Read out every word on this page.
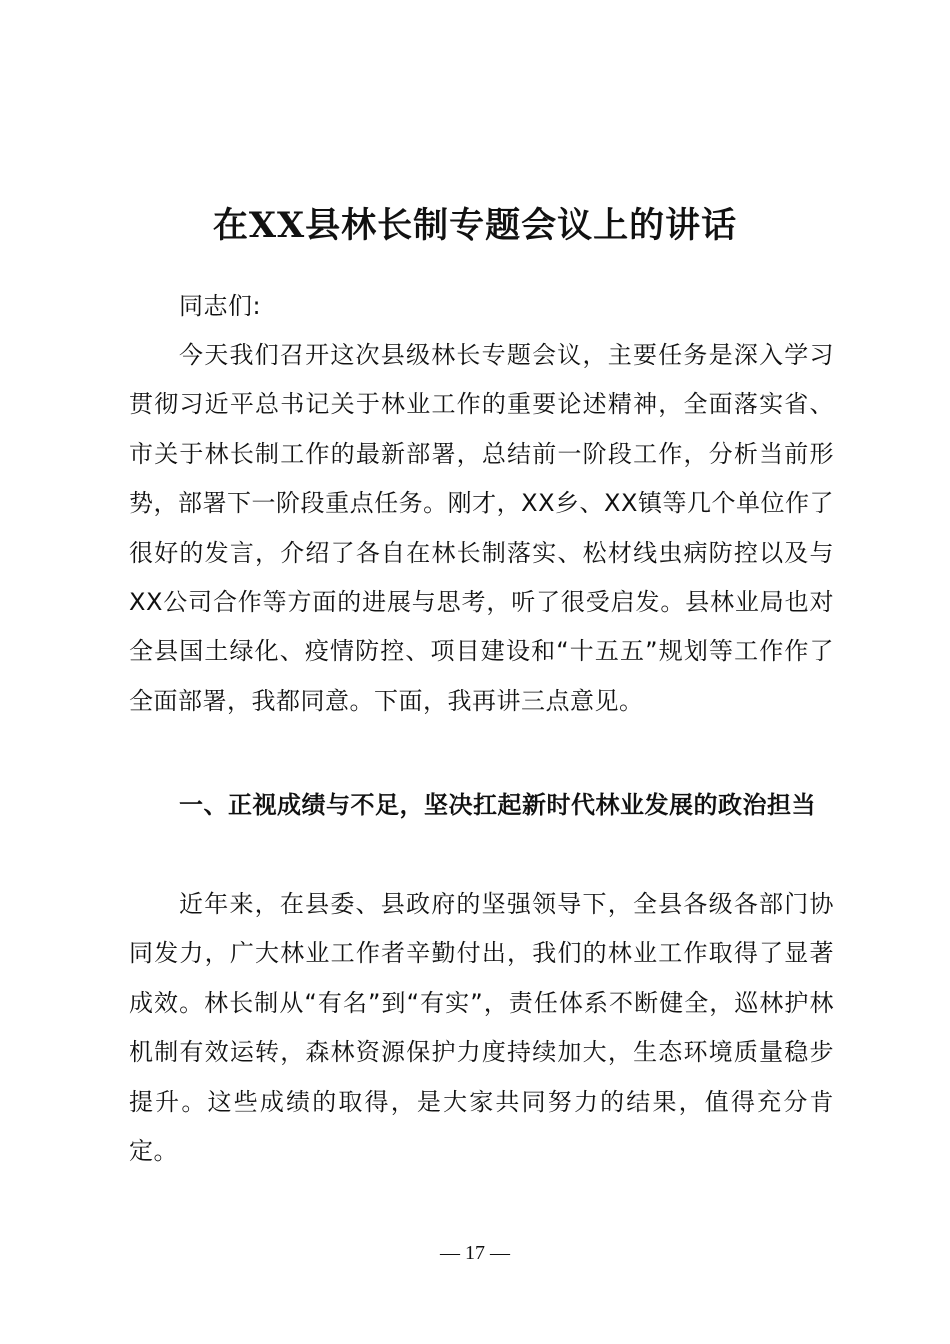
在XX县林长制专题会议上的讲话

同志们:

今天我们召开这次县级林长专题会议，主要任务是深入学习贯彻习近平总书记关于林业工作的重要论述精神，全面落实省、市关于林长制工作的最新部署，总结前一阶段工作，分析当前形势，部署下一阶段重点任务。刚才，XX乡、XX镇等几个单位作了很好的发言，介绍了各自在林长制落实、松材线虫病防控以及与XX公司合作等方面的进展与思考，听了很受启发。县林业局也对全县国土绿化、疫情防控、项目建设和“十五五”规划等工作作了全面部署，我都同意。下面，我再讲三点意见。

一、正视成绩与不足，坚决扛起新时代林业发展的政治担当

近年来，在县委、县政府的坚强领导下，全县各级各部门协同发力，广大林业工作者辛勤付出，我们的林业工作取得了显著成效。林长制从“有名”到“有实”，责任体系不断健全，巡林护林机制有效运转，森林资源保护力度持续加大，生态环境质量稳步提升。这些成绩的取得，是大家共同努力的结果，值得充分肯定。

— 17 —
